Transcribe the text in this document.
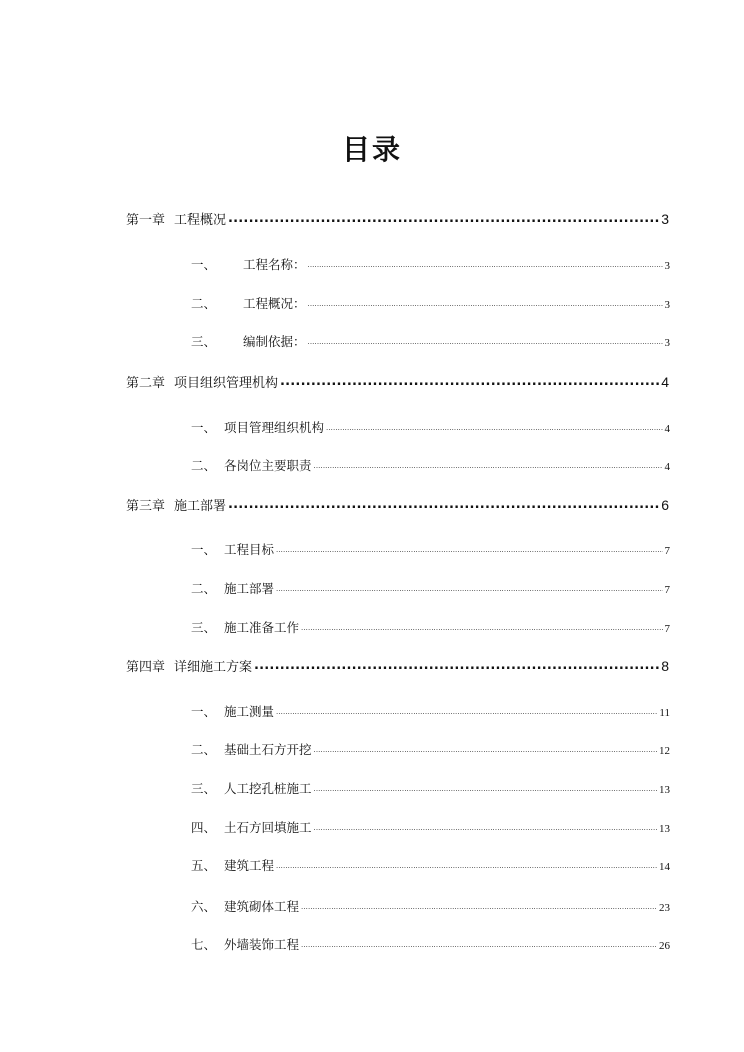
目录
第一章 工程概况 .....	3
一、	工程名称： .....	3
二、	工程概况： .....	3
三、	编制依据： .....	3
第二章 项目组织管理机构 .....	4
一、 项目管理组织机构 .....	4
二、 各岗位主要职责 .....	4
第三章 施工部署 .....	6
一、 工程目标 .....	7
二、 施工部署 .....	7
三、 施工准备工作 .....	7
第四章 详细施工方案 .....	8
一、 施工测量 .....	11
二、 基础土石方开挖 .....	12
三、 人工挖孔桩施工 .....	13
四、 土石方回填施工 .....	13
五、 建筑工程 .....	14
六、 建筑砌体工程 .....	23
七、 外墙装饰工程 .....	26
